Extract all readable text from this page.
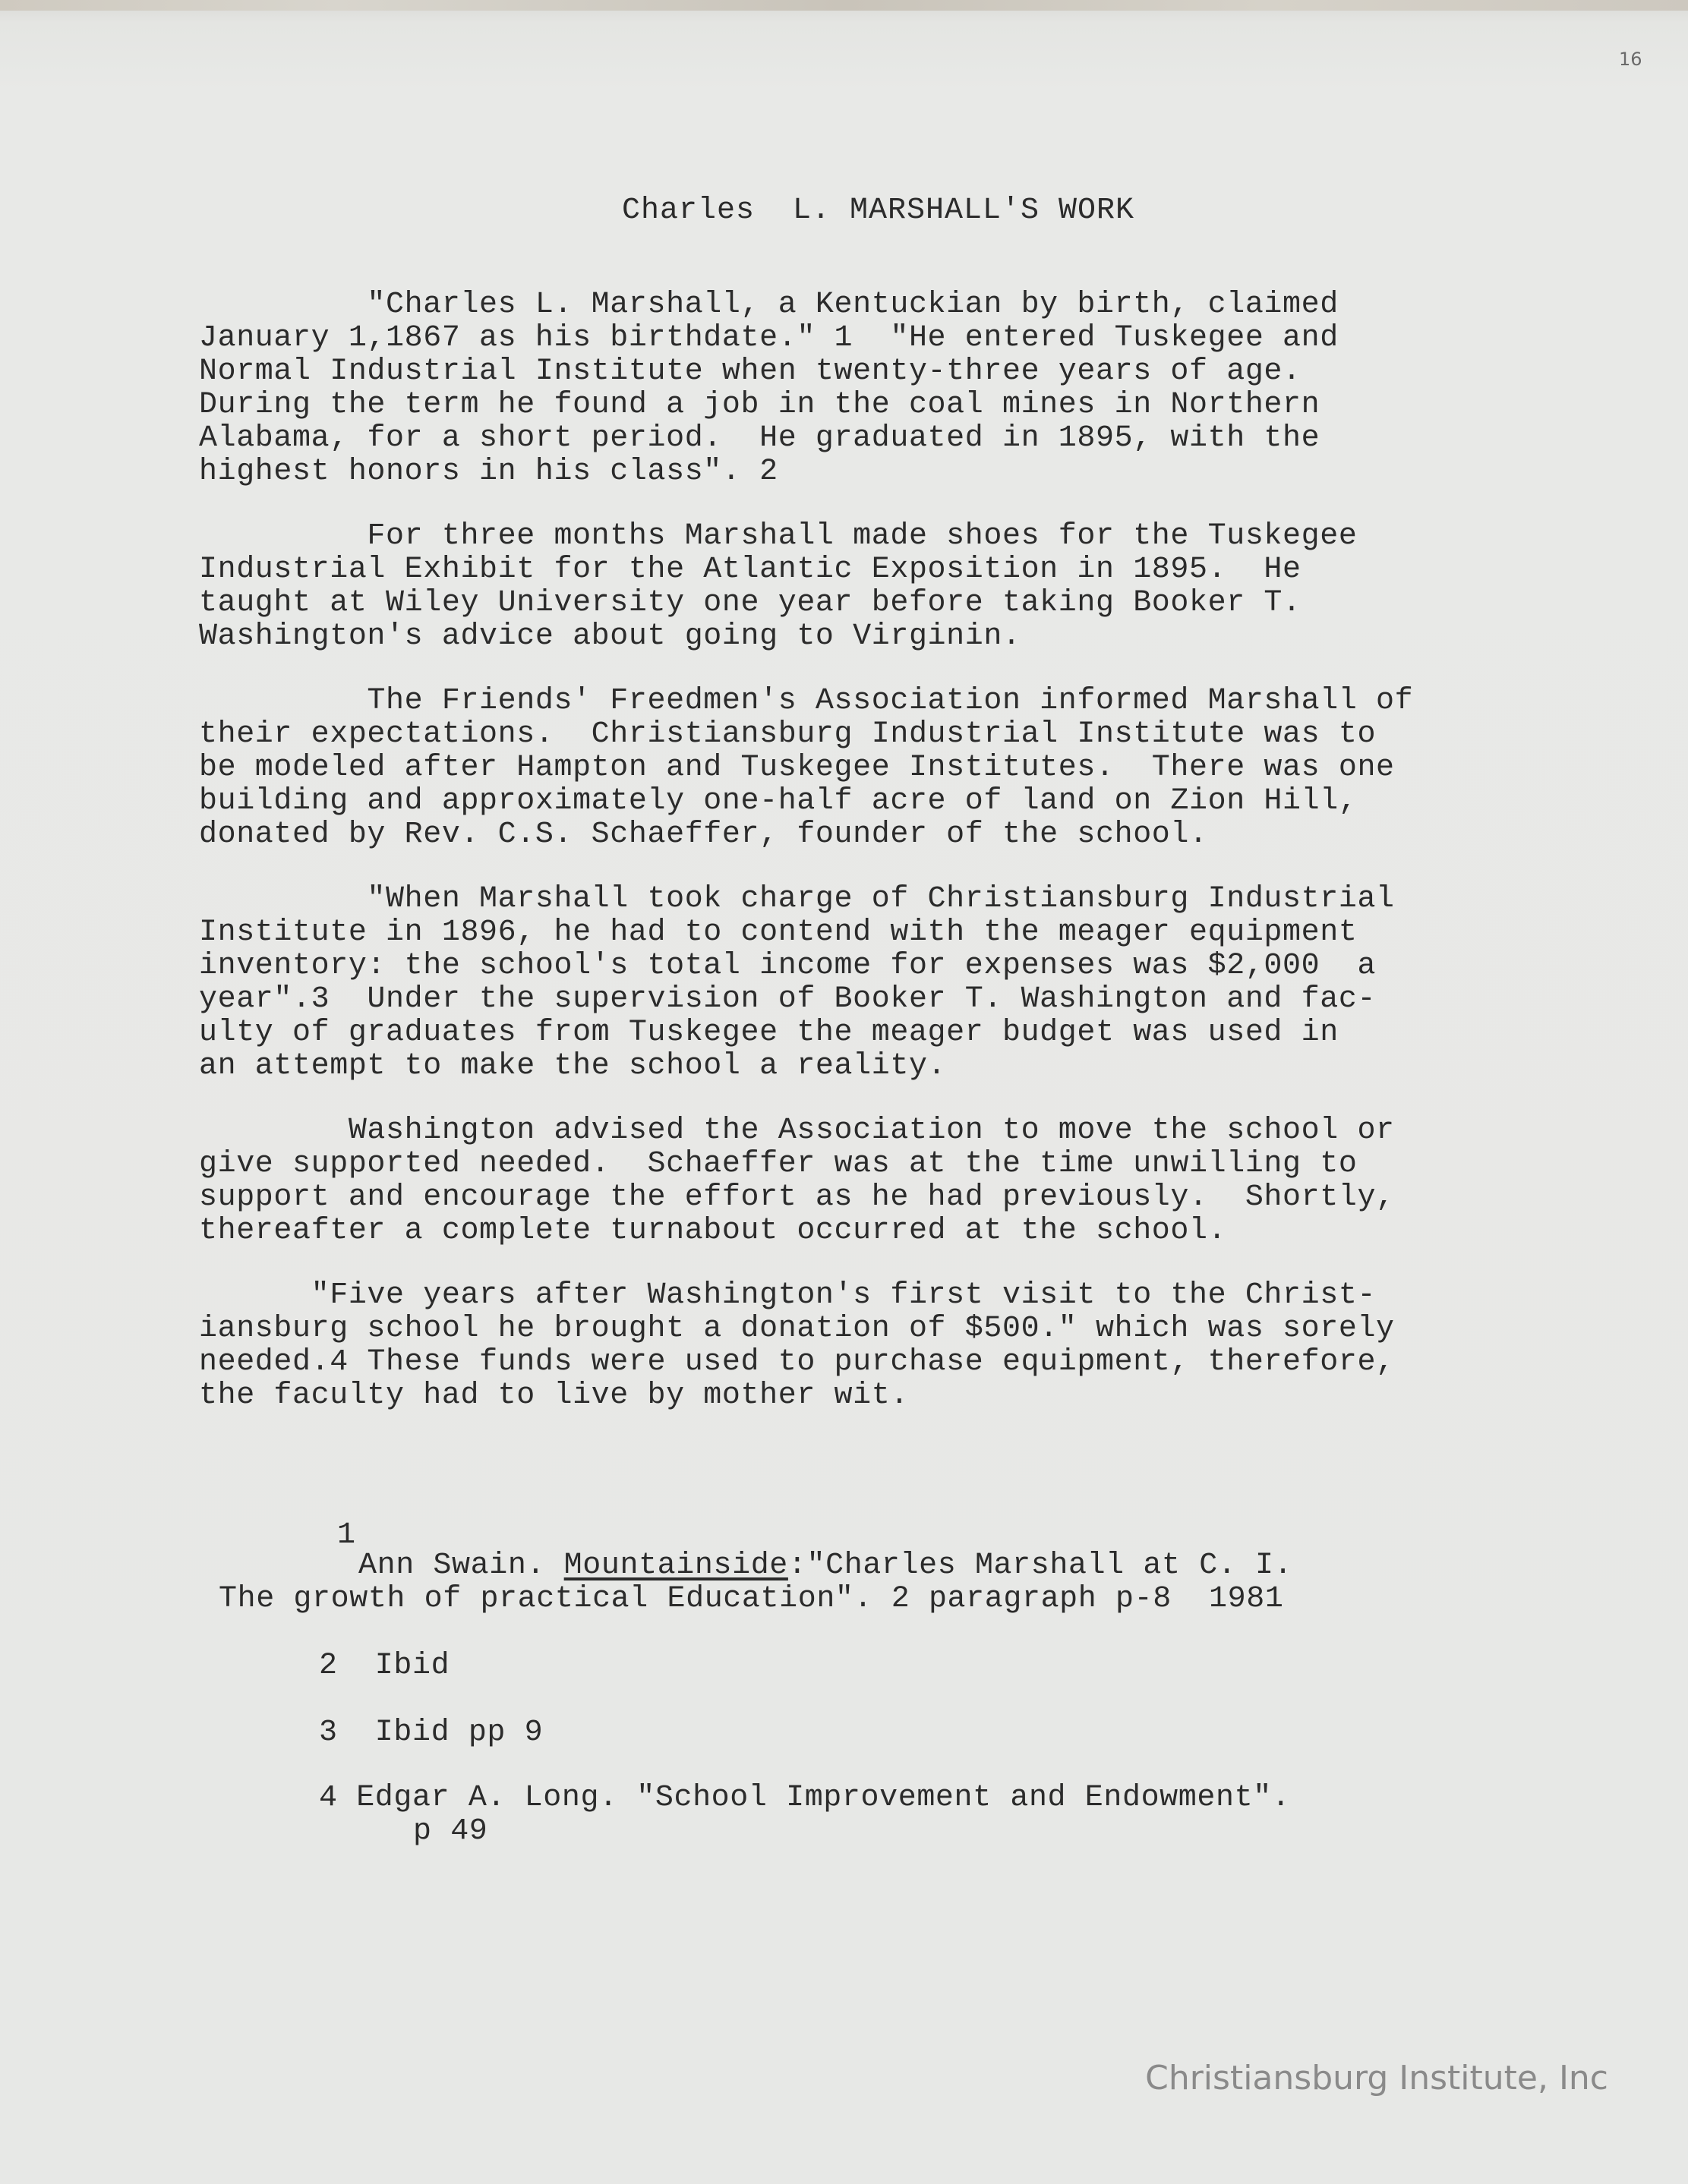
16
Charles  L. MARSHALL'S WORK
"Charles L. Marshall, a Kentuckian by birth, claimed
January 1,1867 as his birthdate." 1  "He entered Tuskegee and
Normal Industrial Institute when twenty-three years of age.
During the term he found a job in the coal mines in Northern
Alabama, for a short period.  He graduated in 1895, with the
highest honors in his class". 2
For three months Marshall made shoes for the Tuskegee
Industrial Exhibit for the Atlantic Exposition in 1895.  He
taught at Wiley University one year before taking Booker T.
Washington's advice about going to Virginin.
The Friends' Freedmen's Association informed Marshall of
their expectations.  Christiansburg Industrial Institute was to
be modeled after Hampton and Tuskegee Institutes.  There was one
building and approximately one-half acre of land on Zion Hill,
donated by Rev. C.S. Schaeffer, founder of the school.
"When Marshall took charge of Christiansburg Industrial
Institute in 1896, he had to contend with the meager equipment
inventory: the school's total income for expenses was $2,000  a
year".3  Under the supervision of Booker T. Washington and fac-
ulty of graduates from Tuskegee the meager budget was used in
an attempt to make the school a reality.
Washington advised the Association to move the school or
give supported needed.  Schaeffer was at the time unwilling to
support and encourage the effort as he had previously.  Shortly,
thereafter a complete turnabout occurred at the school.
"Five years after Washington's first visit to the Christ-
iansburg school he brought a donation of $500." which was sorely
needed.4 These funds were used to purchase equipment, therefore,
the faculty had to live by mother wit.
1
Ann Swain. Mountainside:"Charles Marshall at C. I.
The growth of practical Education". 2 paragraph p-8  1981
2  Ibid
3  Ibid pp 9
4 Edgar A. Long. "School Improvement and Endowment".
p 49
Christiansburg Institute, Inc
